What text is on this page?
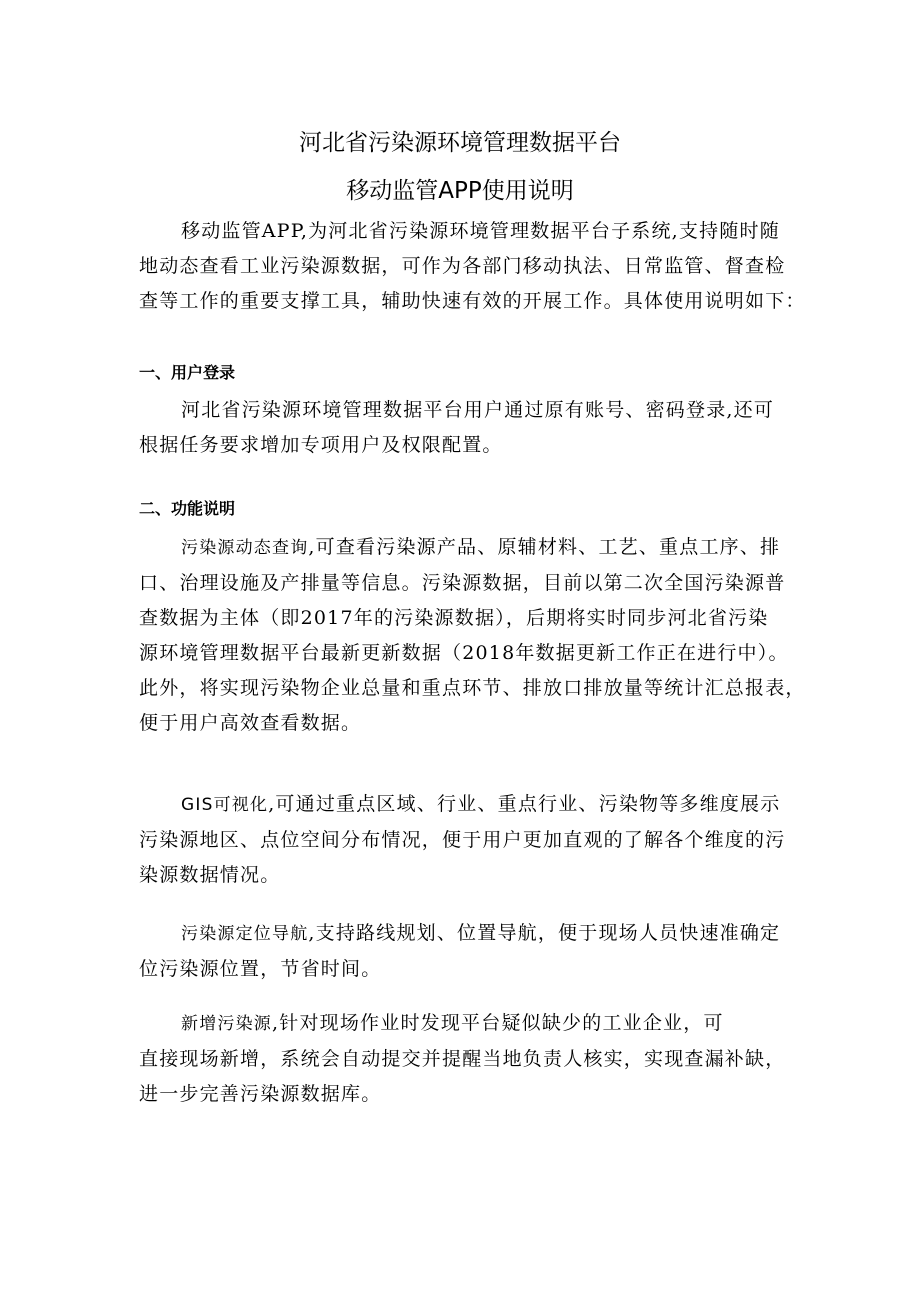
河北省污染源环境管理数据平台
移动监管APP使用说明
移动监管APP,为河北省污染源环境管理数据平台子系统,支持随时随
地动态查看工业污染源数据，可作为各部门移动执法、日常监管、督查检
查等工作的重要支撑工具，辅助快速有效的开展工作。具体使用说明如下：
一、用户登录
河北省污染源环境管理数据平台用户通过原有账号、密码登录,还可
根据任务要求增加专项用户及权限配置。
二、功能说明
污染源动态查询,可查看污染源产品、原辅材料、工艺、重点工序、排
口、治理设施及产排量等信息。污染源数据，目前以第二次全国污染源普
查数据为主体（即2017年的污染源数据），后期将实时同步河北省污染
源环境管理数据平台最新更新数据（2018年数据更新工作正在进行中）。
此外，将实现污染物企业总量和重点环节、排放口排放量等统计汇总报表，
便于用户高效查看数据。
GIS可视化,可通过重点区域、行业、重点行业、污染物等多维度展示
污染源地区、点位空间分布情况，便于用户更加直观的了解各个维度的污
染源数据情况。
污染源定位导航,支持路线规划、位置导航，便于现场人员快速准确定
位污染源位置，节省时间。
新增污染源,针对现场作业时发现平台疑似缺少的工业企业，可
直接现场新增，系统会自动提交并提醒当地负责人核实，实现查漏补缺，
进一步完善污染源数据库。
